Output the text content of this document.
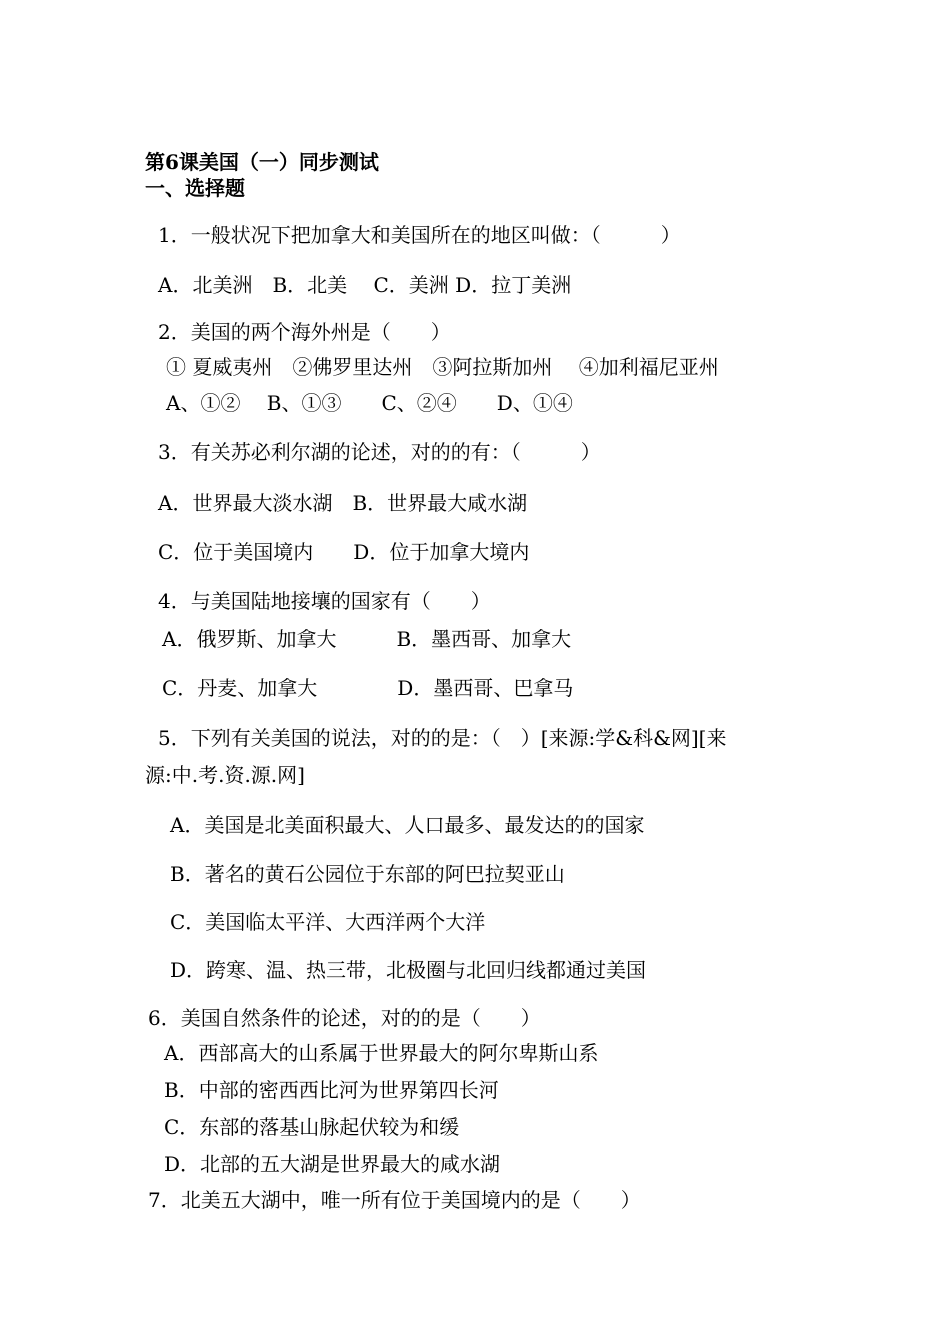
第6课美国（一）同步测试
一、选择题
1．一般状况下把加拿大和美国所在的地区叫做：（　　　）
A．北美洲　B．北美　 C．美洲 D．拉丁美洲
2．美国的两个海外州是（　　）
① 夏威夷州　②佛罗里达州　③阿拉斯加州　 ④加利福尼亚州
A、①②　 B、①③　　C、②④　　D、①④
3．有关苏必利尔湖的论述，对的的有：（　　　）
A．世界最大淡水湖　B．世界最大咸水湖
C．位于美国境内　　D．位于加拿大境内
4．与美国陆地接壤的国家有（　　）
A．俄罗斯、加拿大　　　B．墨西哥、加拿大
C．丹麦、加拿大　　　　D．墨西哥、巴拿马
5．下列有关美国的说法，对的的是：（　）[来源:学&科&网][来
源:中.考.资.源.网]
A．美国是北美面积最大、人口最多、最发达的的国家
B．著名的黄石公园位于东部的阿巴拉契亚山
C．美国临太平洋、大西洋两个大洋
D．跨寒、温、热三带，北极圈与北回归线都通过美国
6．美国自然条件的论述，对的的是（　　）
A．西部高大的山系属于世界最大的阿尔卑斯山系
B．中部的密西西比河为世界第四长河
C．东部的落基山脉起伏较为和缓
D．北部的五大湖是世界最大的咸水湖
7．北美五大湖中，唯一所有位于美国境内的是（　　）
